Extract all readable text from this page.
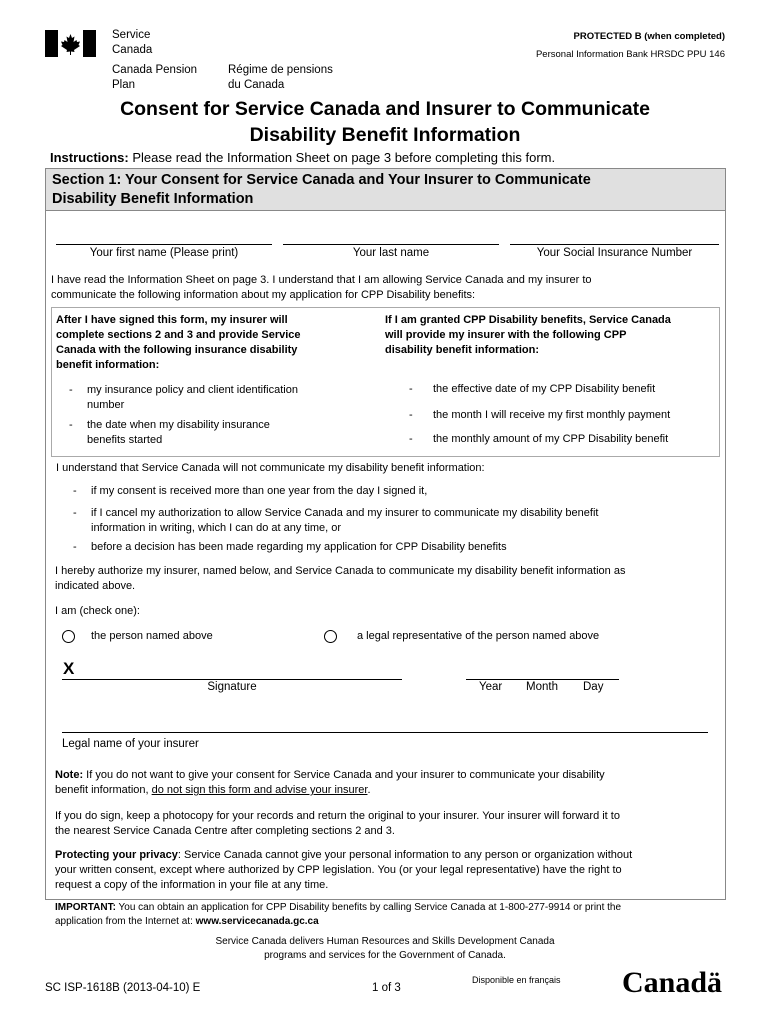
Service
Canada
Canada Pension
Plan
Régime de pensions
du Canada
PROTECTED B (when completed)
Personal Information Bank HRSDC PPU 146
Consent for Service Canada and Insurer to Communicate
Disability Benefit Information
Instructions: Please read the Information Sheet on page 3 before completing this form.
Section 1: Your Consent for Service Canada and Your Insurer to Communicate
Disability Benefit Information
Your first name (Please print)	Your last name	Your Social Insurance Number
I have read the Information Sheet on page 3. I understand that I am allowing Service Canada and my insurer to
communicate the following information about my application for CPP Disability benefits:
After I have signed this form, my insurer will
complete sections 2 and 3 and provide Service
Canada with the following insurance disability
benefit information:
If I am granted CPP Disability benefits, Service Canada
will provide my insurer with the following CPP
disability benefit information:
- my insurance policy and client identification
number
- the date when my disability insurance
benefits started
- the effective date of my CPP Disability benefit
- the month I will receive my first monthly payment
- the monthly amount of my CPP Disability benefit
I understand that Service Canada will not communicate my disability benefit information:
- if my consent is received more than one year from the day I signed it,
- if I cancel my authorization to allow Service Canada and my insurer to communicate my disability benefit
information in writing, which I can do at any time, or
- before a decision has been made regarding my application for CPP Disability benefits
I hereby authorize my insurer, named below, and Service Canada to communicate my disability benefit information as
indicated above.
I am (check one):
the person named above	a legal representative of the person named above
X
Signature	Year Month Day
Legal name of your insurer
Note: If you do not want to give your consent for Service Canada and your insurer to communicate your disability
benefit information, do not sign this form and advise your insurer.
If you do sign, keep a photocopy for your records and return the original to your insurer. Your insurer will forward it to
the nearest Service Canada Centre after completing sections 2 and 3.
Protecting your privacy: Service Canada cannot give your personal information to any person or organization without
your written consent, except where authorized by CPP legislation. You (or your legal representative) have the right to
request a copy of the information in your file at any time.
IMPORTANT: You can obtain an application for CPP Disability benefits by calling Service Canada at 1-800-277-9914 or print the
application from the Internet at: www.servicecanada.gc.ca
Service Canada delivers Human Resources and Skills Development Canada
programs and services for the Government of Canada.
SC ISP-1618B (2013-04-10) E	1 of 3
Disponible en français Canadä
